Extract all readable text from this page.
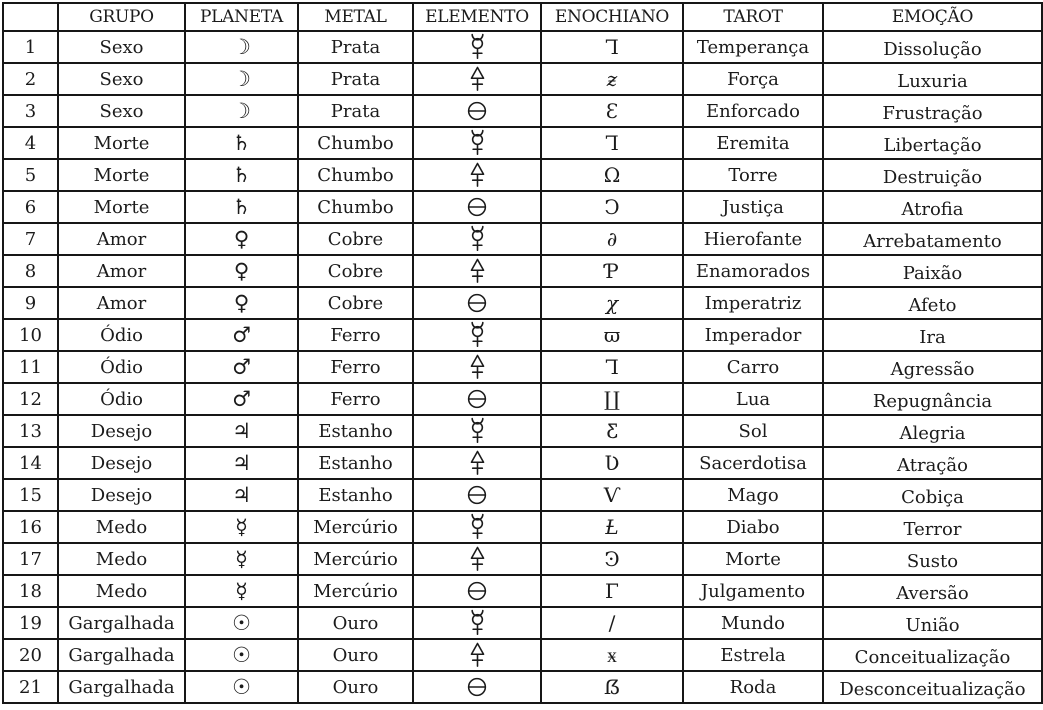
	GRUPO	PLANETA	METAL	ELEMENTO	ENOCHIANO	TAROT	EMOÇÃO
1	Sexo	☽	Prata		Γ	Temperança	Dissolução
2	Sexo	☽	Prata		ƶ	Força	Luxuria
3	Sexo	☽	Prata		Ɛ	Enforcado	Frustração
4	Morte	♄	Chumbo		Γ	Eremita	Libertação
5	Morte	♄	Chumbo		Ω	Torre	Destruição
6	Morte	♄	Chumbo		Ͻ	Justiça	Atrofia
7	Amor	♀	Cobre		∂	Hierofante	Arrebatamento
8	Amor	♀	Cobre		Ƥ	Enamorados	Paixão
9	Amor	♀	Cobre		χ	Imperatriz	Afeto
10	Ódio	♂	Ferro		ϖ	Imperador	Ira
11	Ódio	♂	Ferro		Γ	Carro	Agressão
12	Ódio	♂	Ferro		∐	Lua	Repugnância
13	Desejo	♃	Estanho		Ƹ	Sol	Alegria
14	Desejo	♃	Estanho		Ʋ	Sacerdotisa	Atração
15	Desejo	♃	Estanho		Ѵ	Mago	Cobiça
16	Medo	☿	Mercúrio		Ƚ	Diabo	Terror
17	Medo	☿	Mercúrio		Ͽ	Morte	Susto
18	Medo	☿	Mercúrio		Γ	Julgamento	Aversão
19	Gargalhada	☉	Ouro		∕	Mundo	União
20	Gargalhada	☉	Ouro		ӿ	Estrela	Conceitualização
21	Gargalhada	☉	Ouro		ẞ	Roda	Desconceitualização
